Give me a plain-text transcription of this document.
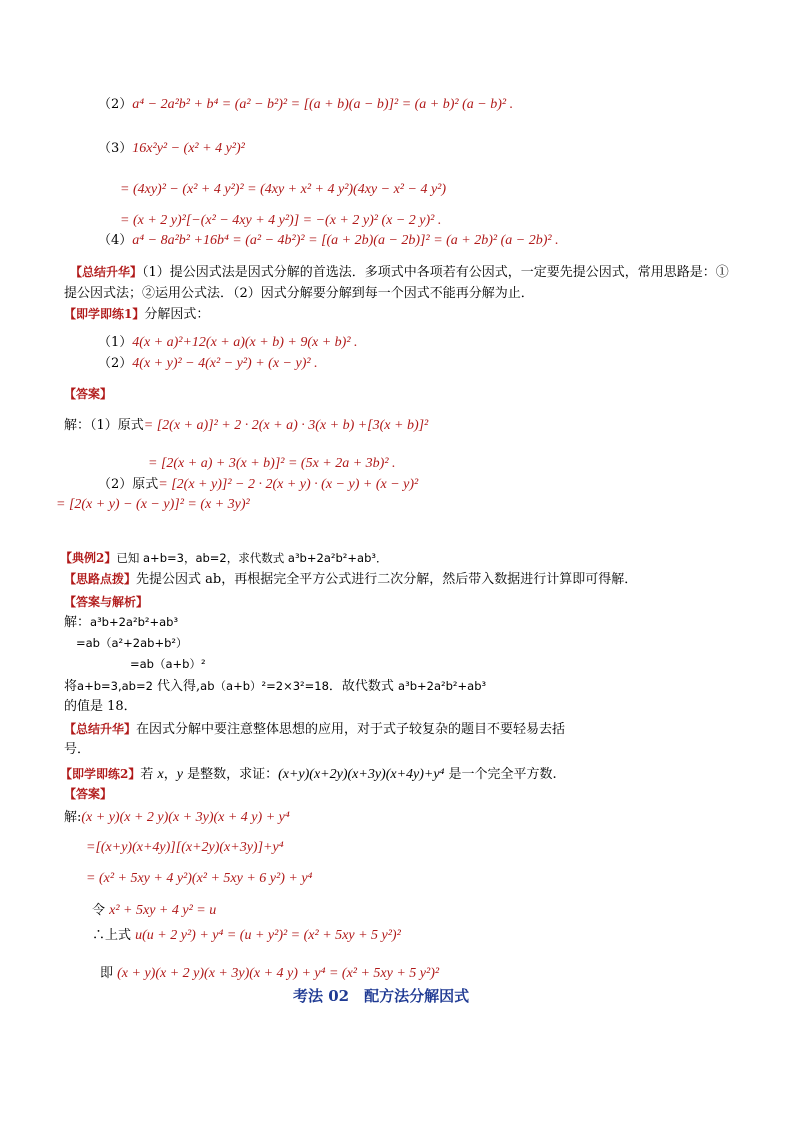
（2）a⁴ − 2a²b² + b⁴ = (a² − b²)² = [(a + b)(a − b)]² = (a + b)² (a − b)² .
（3）16x²y² − (x² + 4 y²)²
= (4xy)² − (x² + 4 y²)² = (4xy + x² + 4 y²)(4xy − x² − 4 y²)
= (x + 2 y)²[−(x² − 4xy + 4 y²)] = −(x + 2 y)² (x − 2 y)² .
（4）a⁴ − 8a²b² +16b⁴ = (a² − 4b²)² = [(a + 2b)(a − 2b)]² = (a + 2b)² (a − 2b)² .
【总结升华】（1）提公因式法是因式分解的首选法．多项式中各项若有公因式，一定要先提公因式，常用思路是：①
提公因式法；②运用公式法．（2）因式分解要分解到每一个因式不能再分解为止．
【即学即练1】分解因式：
（1）4(x + a)²+12(x + a)(x + b) + 9(x + b)² .
（2）4(x + y)² − 4(x² − y²) + (x − y)² .
【答案】
解：（1）原式= [2(x + a)]² + 2 · 2(x + a) · 3(x + b) +[3(x + b)]²
= [2(x + a) + 3(x + b)]² = (5x + 2a + 3b)² .
（2）原式= [2(x + y)]² − 2 · 2(x + y) · (x − y) + (x − y)²
= [2(x + y) − (x − y)]² = (x + 3y)²
【典例2】已知 a+b=3，ab=2，求代数式 a³b+2a²b²+ab³．
【思路点拨】先提公因式 ab，再根据完全平方公式进行二次分解，然后带入数据进行计算即可得解．
【答案与解析】
解：a³b+2a²b²+ab³
=ab（a²+2ab+b²）
=ab（a+b）²
将a+b=3,ab=2 代入得,ab（a+b）²=2×3²=18．故代数式 a³b+2a²b²+ab³
的值是 18．
【总结升华】在因式分解中要注意整体思想的应用，对于式子较复杂的题目不要轻易去括
号．
【即学即练2】若 x，y 是整数，求证：(x+y)(x+2y)(x+3y)(x+4y)+y⁴ 是一个完全平方数.
【答案】
解:(x + y)(x + 2 y)(x + 3y)(x + 4 y) + y⁴
=[(x+y)(x+4y)][(x+2y)(x+3y)]+y⁴
= (x² + 5xy + 4 y²)(x² + 5xy + 6 y²) + y⁴
令 x² + 5xy + 4 y² = u
∴上式 u(u + 2 y²) + y⁴ = (u + y²)² = (x² + 5xy + 5 y²)²
即 (x + y)(x + 2 y)(x + 3y)(x + 4 y) + y⁴ = (x² + 5xy + 5 y²)²
考法 02　配方法分解因式
